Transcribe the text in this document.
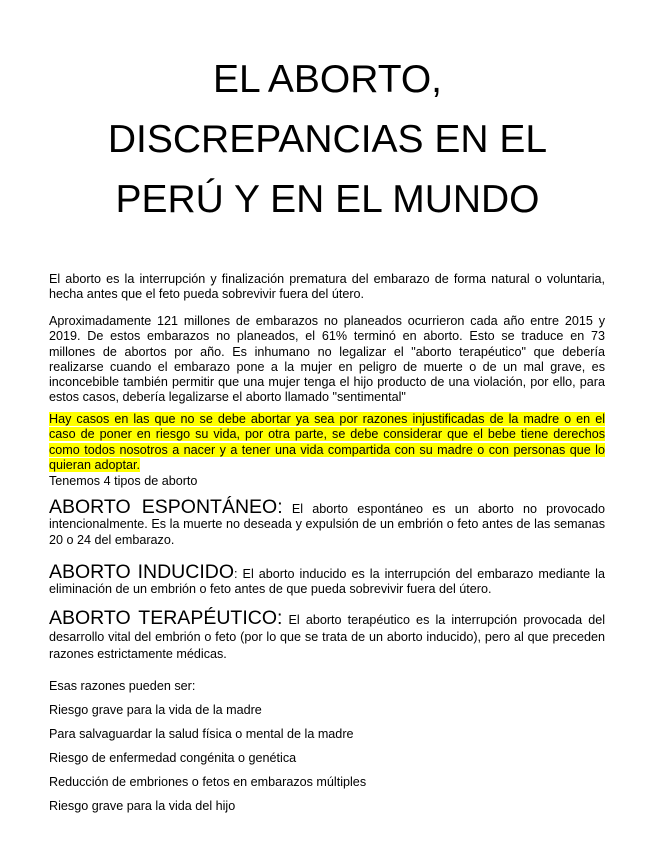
EL ABORTO,
DISCREPANCIAS EN EL
PERÚ Y EN EL MUNDO

El aborto es la interrupción y finalización prematura del embarazo de forma natural o voluntaria, hecha antes que el feto pueda sobrevivir fuera del útero.

Aproximadamente 121 millones de embarazos no planeados ocurrieron cada año entre 2015 y 2019. De estos embarazos no planeados, el 61% terminó en aborto. Esto se traduce en 73 millones de abortos por año. Es inhumano no legalizar el "aborto terapéutico" que debería realizarse cuando el embarazo pone a la mujer en peligro de muerte o de un mal grave, es inconcebible también permitir que una mujer tenga el hijo producto de una violación, por ello, para estos casos, debería legalizarse el aborto llamado "sentimental"

Hay casos en las que no se debe abortar ya sea por razones injustificadas de la madre o en el caso de poner en riesgo su vida, por otra parte, se debe considerar que el bebe tiene derechos como todos nosotros a nacer y a tener una vida compartida con su madre o con personas que lo quieran adoptar.

Tenemos 4 tipos de aborto

ABORTO ESPONTÁNEO: El aborto espontáneo es un aborto no provocado intencionalmente. Es la muerte no deseada y expulsión de un embrión o feto antes de las semanas 20 o 24 del embarazo.

ABORTO INDUCIDO: El aborto inducido es la interrupción del embarazo mediante la eliminación de un embrión o feto antes de que pueda sobrevivir fuera del útero.

ABORTO TERAPÉUTICO: El aborto terapéutico es la interrupción provocada del desarrollo vital del embrión o feto (por lo que se trata de un aborto inducido), pero al que preceden razones estrictamente médicas.

Esas razones pueden ser:

Riesgo grave para la vida de la madre

Para salvaguardar la salud física o mental de la madre

Riesgo de enfermedad congénita o genética

Reducción de embriones o fetos en embarazos múltiples

Riesgo grave para la vida del hijo
